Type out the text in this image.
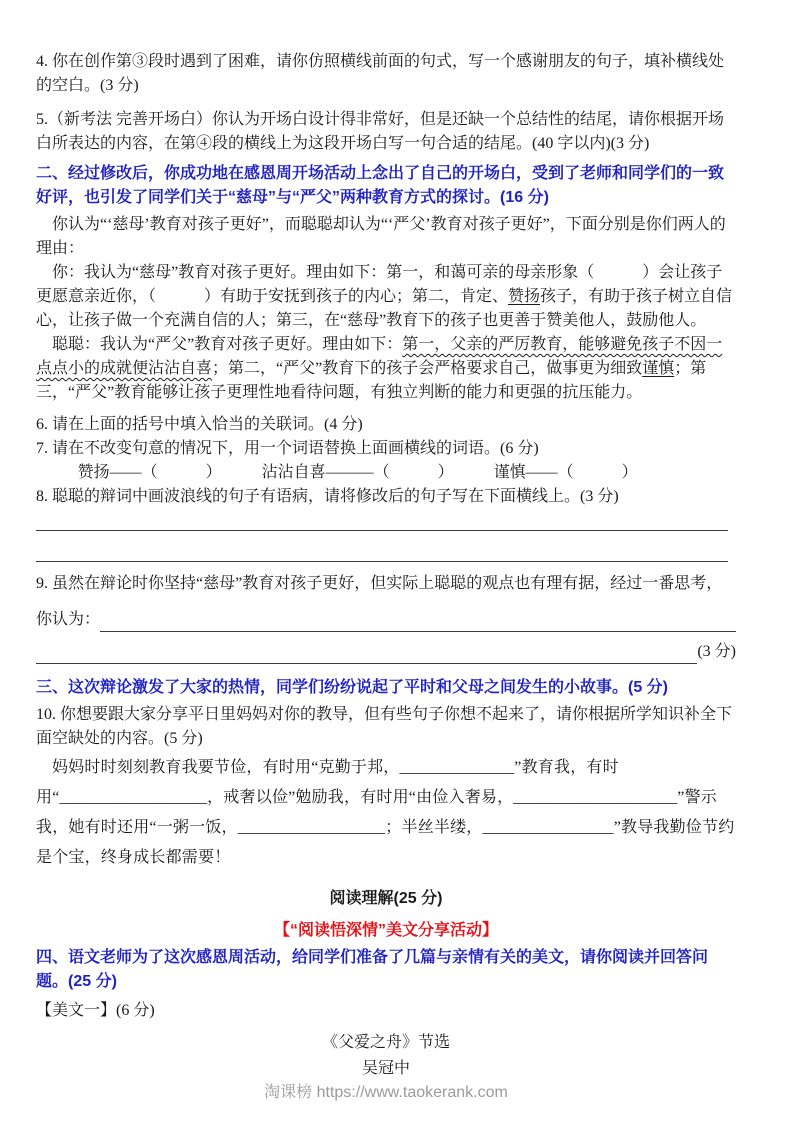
4. 你在创作第③段时遇到了困难，请你仿照横线前面的句式，写一个感谢朋友的句子，填补横线处的空白。(3 分)

5.（新考法 完善开场白）你认为开场白设计得非常好，但是还缺一个总结性的结尾，请你根据开场白所表达的内容，在第④段的横线上为这段开场白写一句合适的结尾。(40 字以内)(3 分)

二、经过修改后，你成功地在感恩周开场活动上念出了自己的开场白，受到了老师和同学们的一致好评，也引发了同学们关于“慈母”与“严父”两种教育方式的探讨。(16 分)

你认为“‘慈母’教育对孩子更好”，而聪聪却认为“‘严父’教育对孩子更好”，下面分别是你们两人的理由：

你：我认为“慈母”教育对孩子更好。理由如下：第一，和蔼可亲的母亲形象（　　　）会让孩子更愿意亲近你，（　　　）有助于安抚到孩子的内心；第二，肯定、赞扬孩子，有助于孩子树立自信心，让孩子做一个充满自信的人；第三，在“慈母”教育下的孩子也更善于赞美他人，鼓励他人。

聪聪：我认为“严父”教育对孩子更好。理由如下：第一，父亲的严厉教育，能够避免孩子不因一点点小的成就便沾沾自喜；第二，“严父”教育下的孩子会严格要求自己，做事更为细致谨慎；第三，“严父”教育能够让孩子更理性地看待问题，有独立判断的能力和更强的抗压能力。

6. 请在上面的括号中填入恰当的关联词。(4 分)

7. 请在不改变句意的情况下，用一个词语替换上面画横线的词语。(6 分)

赞扬——（　　　）　　　沾沾自喜———（　　　）　　　谨慎——（　　　）

8. 聪聪的辩词中画波浪线的句子有语病，请将修改后的句子写在下面横线上。(3 分)

9. 虽然在辩论时你坚持“慈母”教育对孩子更好，但实际上聪聪的观点也有理有据，经过一番思考，

你认为：
(3 分)

三、这次辩论激发了大家的热情，同学们纷纷说起了平时和父母之间发生的小故事。(5 分)

10. 你想要跟大家分享平日里妈妈对你的教导，但有些句子你想不起来了，请你根据所学知识补全下面空缺处的内容。(5 分)

妈妈时时刻刻教育我要节俭，有时用“克勤于邦，______________”教育我，有时用“__________________，戒奢以俭”勉励我，有时用“由俭入奢易，____________________”警示我，她有时还用“一粥一饭，__________________；半丝半缕，________________”教导我勤俭节约是个宝，终身成长都需要！

阅读理解(25 分)

【“阅读悟深情”美文分享活动】

四、语文老师为了这次感恩周活动，给同学们准备了几篇与亲情有关的美文，请你阅读并回答问题。(25 分)

【美文一】(6 分)

《父爱之舟》节选

吴冠中

淘课榜 https://www.taokerank.com
